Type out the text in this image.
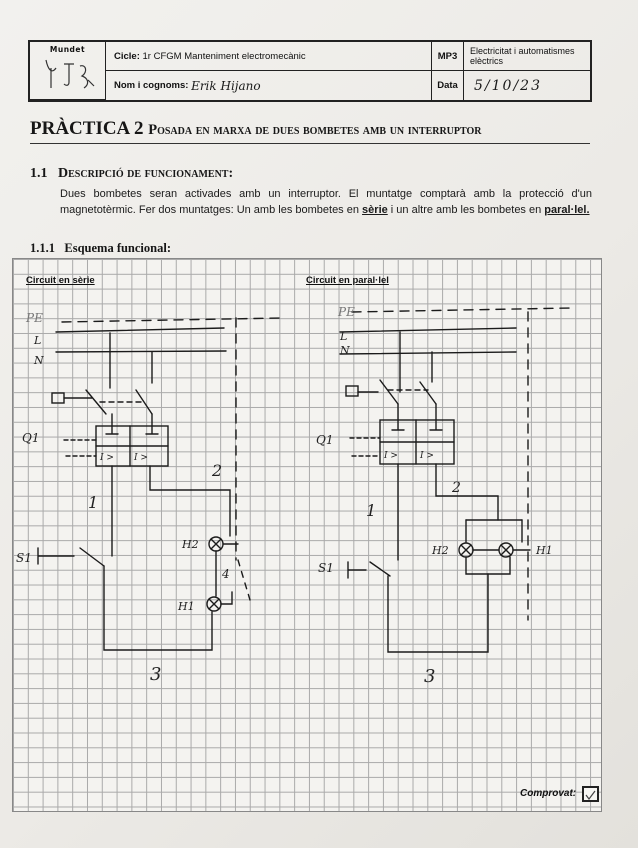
Mundet
Cicle:
1r CFGM Manteniment electromecànic	MP3 Electricitat i automatismes elèctrics
Nom i cognoms:
Erik Hijano	Data 5/10/23
PRÀCTICA 2 Posada en marxa de dues bombetes amb un interruptor
1.1 Descripció de funcionament:
Dues bombetes seran activades amb un interruptor. El muntatge comptarà amb la protecció d'un magnetotèrmic. Fer dos muntatges: Un amb les bombetes en sèrie i un altre amb les bombetes en paral·lel.
1.1.1 Esquema funcional:
Circuit en sèrie	Circuit en paral·lel
PE
L
N
Q1
S1
H2
H1
1
2
3
4
I > I >
PE
L
N
Q1
S1
H2	H1
1
2
3
I > I >
Comprovat:
